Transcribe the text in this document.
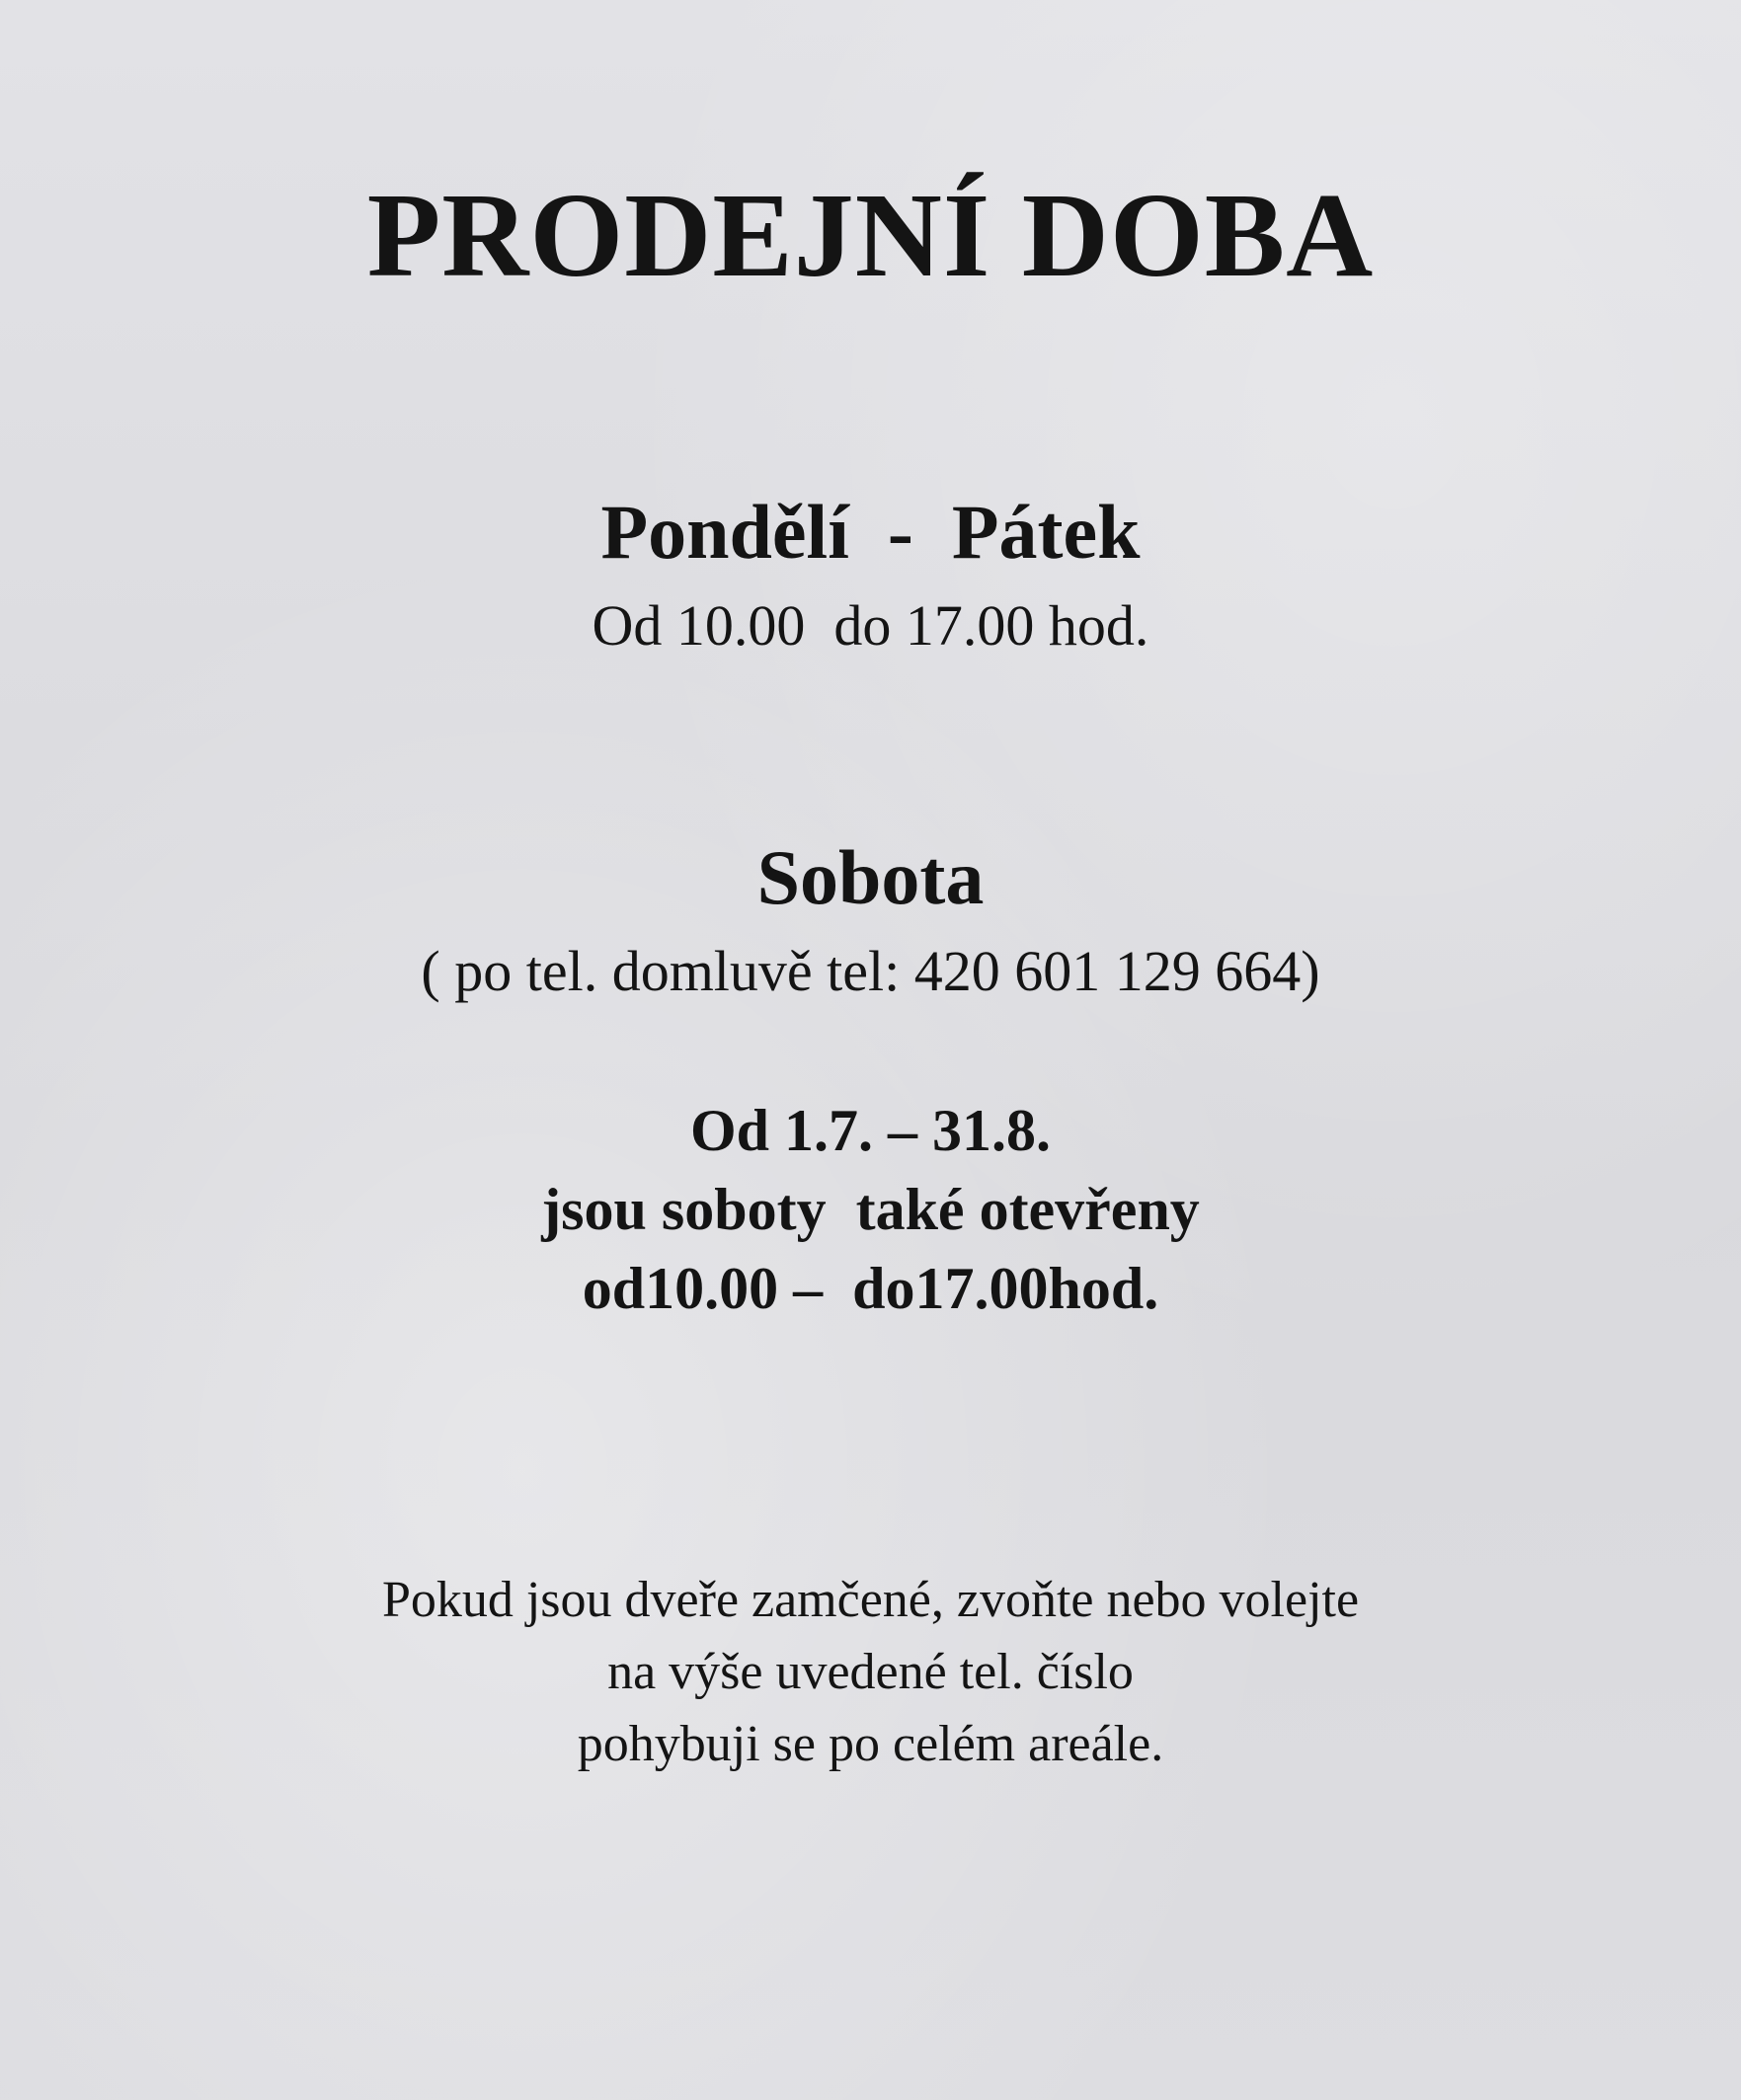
PRODEJNÍ DOBA
Pondělí  -  Pátek
Od 10.00  do 17.00 hod.
Sobota
( po tel. domluvě tel: 420 601 129 664)
Od 1.7. – 31.8.
jsou soboty  také otevřeny
od10.00 –  do17.00hod.
Pokud jsou dveře zamčené, zvoňte nebo volejte
na výše uvedené tel. číslo
pohybuji se po celém areále.
